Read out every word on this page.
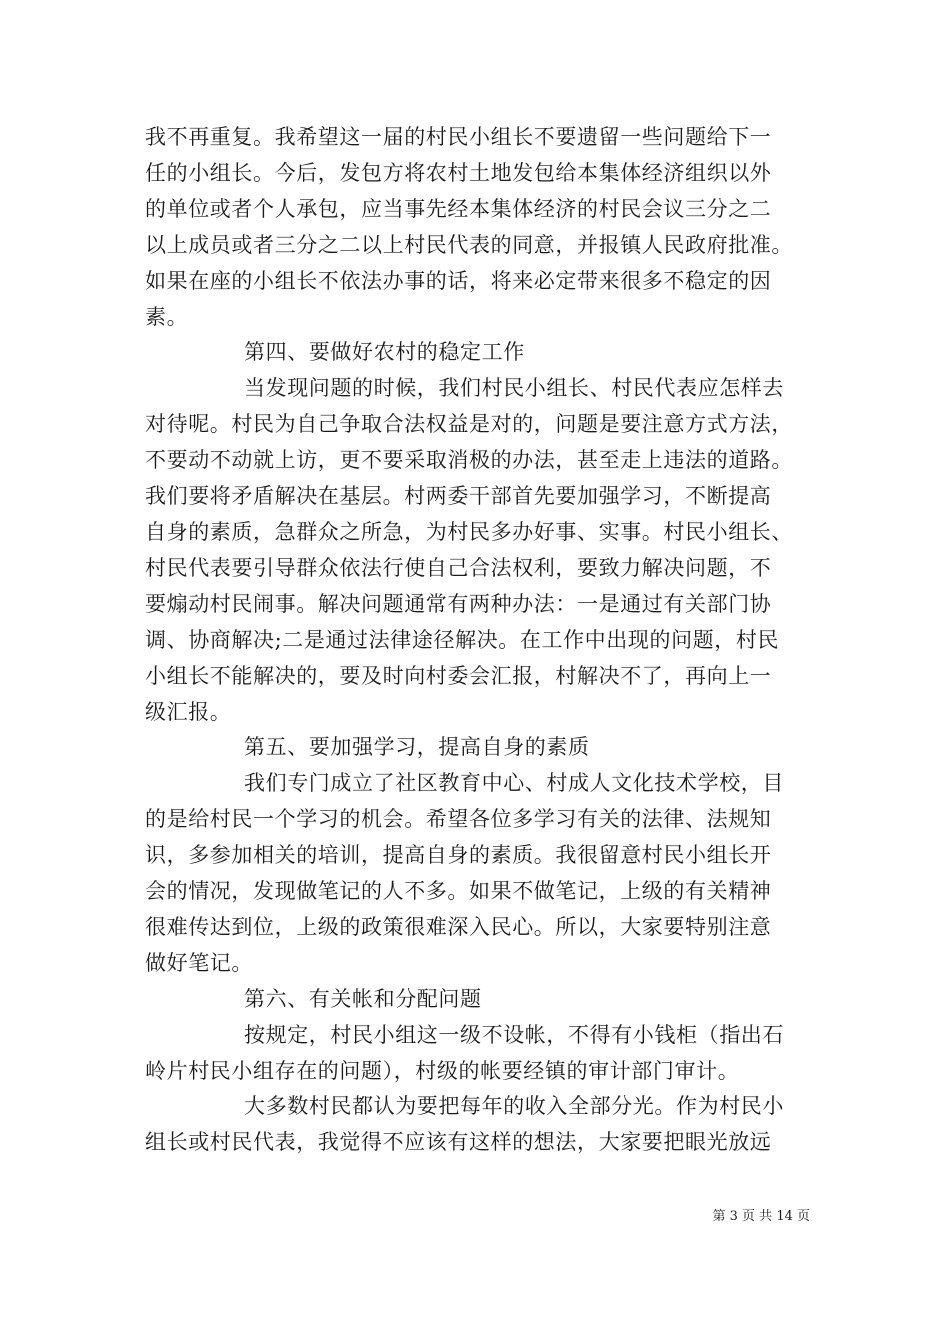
我不再重复。我希望这一届的村民小组长不要遗留一些问题给下一
任的小组长。今后，发包方将农村土地发包给本集体经济组织以外
的单位或者个人承包，应当事先经本集体经济的村民会议三分之二
以上成员或者三分之二以上村民代表的同意，并报镇人民政府批准。
如果在座的小组长不依法办事的话，将来必定带来很多不稳定的因
素。
第四、要做好农村的稳定工作
当发现问题的时候，我们村民小组长、村民代表应怎样去
对待呢。村民为自己争取合法权益是对的，问题是要注意方式方法，
不要动不动就上访，更不要采取消极的办法，甚至走上违法的道路。
我们要将矛盾解决在基层。村两委干部首先要加强学习，不断提高
自身的素质，急群众之所急，为村民多办好事、实事。村民小组长、
村民代表要引导群众依法行使自己合法权利，要致力解决问题，不
要煽动村民闹事。解决问题通常有两种办法：一是通过有关部门协
调、协商解决;二是通过法律途径解决。在工作中出现的问题，村民
小组长不能解决的，要及时向村委会汇报，村解决不了，再向上一
级汇报。
第五、要加强学习，提高自身的素质
我们专门成立了社区教育中心、村成人文化技术学校，目
的是给村民一个学习的机会。希望各位多学习有关的法律、法规知
识，多参加相关的培训，提高自身的素质。我很留意村民小组长开
会的情况，发现做笔记的人不多。如果不做笔记，上级的有关精神
很难传达到位，上级的政策很难深入民心。所以，大家要特别注意
做好笔记。
第六、有关帐和分配问题
按规定，村民小组这一级不设帐，不得有小钱柜（指出石
岭片村民小组存在的问题），村级的帐要经镇的审计部门审计。
大多数村民都认为要把每年的收入全部分光。作为村民小
组长或村民代表，我觉得不应该有这样的想法，大家要把眼光放远
第 3 页 共 14 页
